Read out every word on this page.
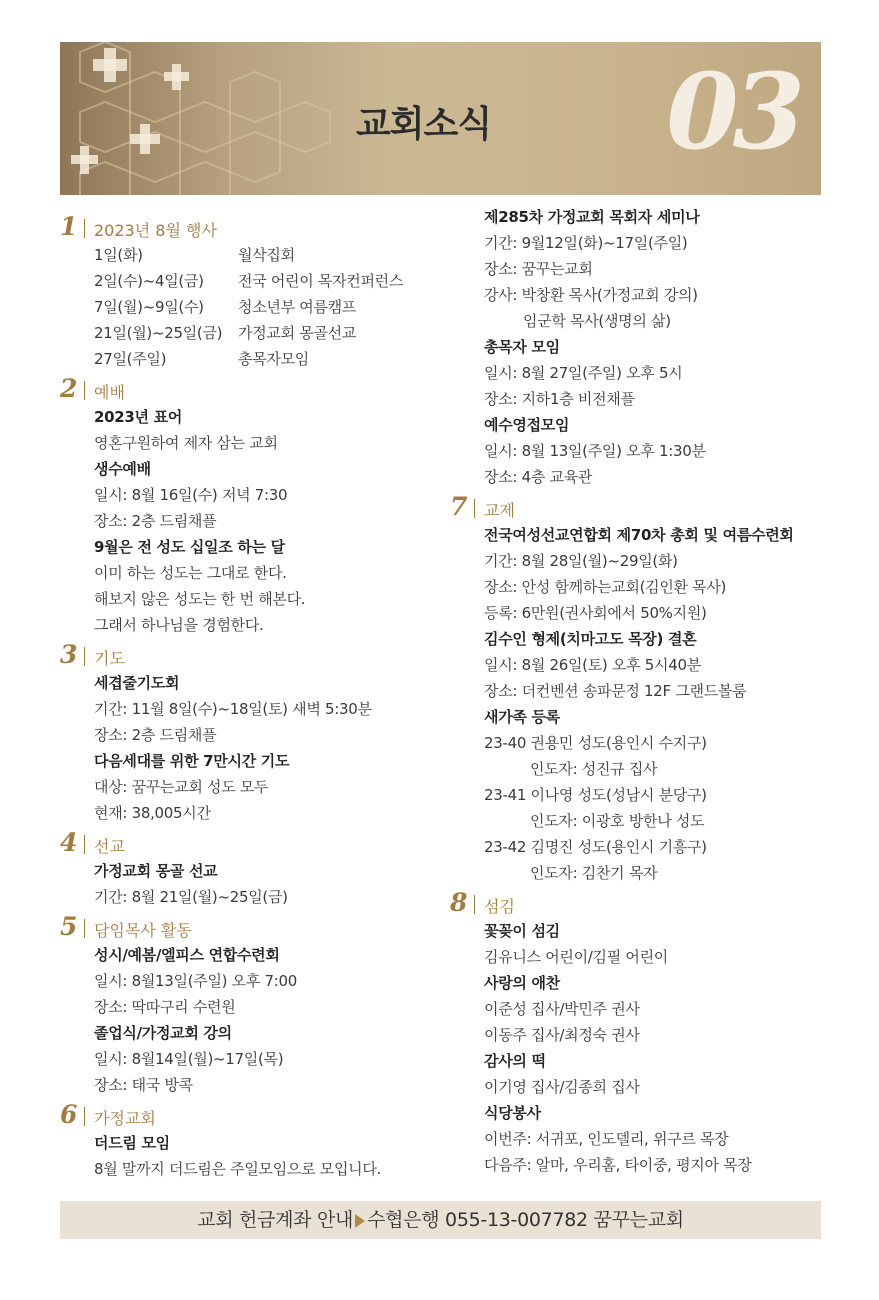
교회소식 03
1 2023년 8월 행사
1일(화)	월삭집회
2일(수)~4일(금)	전국 어린이 목자컨퍼런스
7일(월)~9일(수)	청소년부 여름캠프
21일(월)~25일(금)	가정교회 몽골선교
27일(주일)	총목자모임
2 예배
2023년 표어
영혼구원하여 제자 삼는 교회
생수예배
일시: 8월 16일(수) 저녁 7:30
장소: 2층 드림채플
9월은 전 성도 십일조 하는 달
이미 하는 성도는 그대로 한다.
해보지 않은 성도는 한 번 해본다.
그래서 하나님을 경험한다.
3 기도
세겹줄기도회
기간: 11월 8일(수)~18일(토) 새벽 5:30분
장소: 2층 드림채플
다음세대를 위한 7만시간 기도
대상: 꿈꾸는교회 성도 모두
현재: 38,005시간
4 선교
가정교회 몽골 선교
기간: 8월 21일(월)~25일(금)
5 담임목사 활동
성시/예봄/엘피스 연합수련회
일시: 8월13일(주일) 오후 7:00
장소: 딱따구리 수련원
졸업식/가정교회 강의
일시: 8월14일(월)~17일(목)
장소: 태국 방콕
6 가정교회
더드림 모임
8월 말까지 더드림은 주일모임으로 모입니다.
제285차 가정교회 목회자 세미나
기간: 9월12일(화)~17일(주일)
장소: 꿈꾸는교회
강사: 박창환 목사(가정교회 강의)
임군학 목사(생명의 삶)
총목자 모임
일시: 8월 27일(주일) 오후 5시
장소: 지하1층 비전채플
예수영접모임
일시: 8월 13일(주일) 오후 1:30분
장소: 4층 교육관
7 교제
전국여성선교연합회 제70차 총회 및 여름수련회
기간: 8월 28일(월)~29일(화)
장소: 안성 함께하는교회(김인환 목사)
등록: 6만원(권사회에서 50%지원)
김수인 형제(치마고도 목장) 결혼
일시: 8월 26일(토) 오후 5시40분
장소: 더컨벤션 송파문정 12F 그랜드볼룸
새가족 등록
23-40 권용민 성도(용인시 수지구)
인도자: 성진규 집사
23-41 이나영 성도(성남시 분당구)
인도자: 이광호 방한나 성도
23-42 김명진 성도(용인시 기흥구)
인도자: 김찬기 목자
8 섬김
꽃꽂이 섬김
김유니스 어린이/김필 어린이
사랑의 애찬
이준성 집사/박민주 권사
이동주 집사/최정숙 권사
감사의 떡
이기영 집사/김종희 집사
식당봉사
이번주: 서귀포, 인도델리, 위구르 목장
다음주: 알마, 우리홈, 타이중, 평지아 목장
교회 헌금계좌 안내 수협은행 055-13-007782 꿈꾸는교회
